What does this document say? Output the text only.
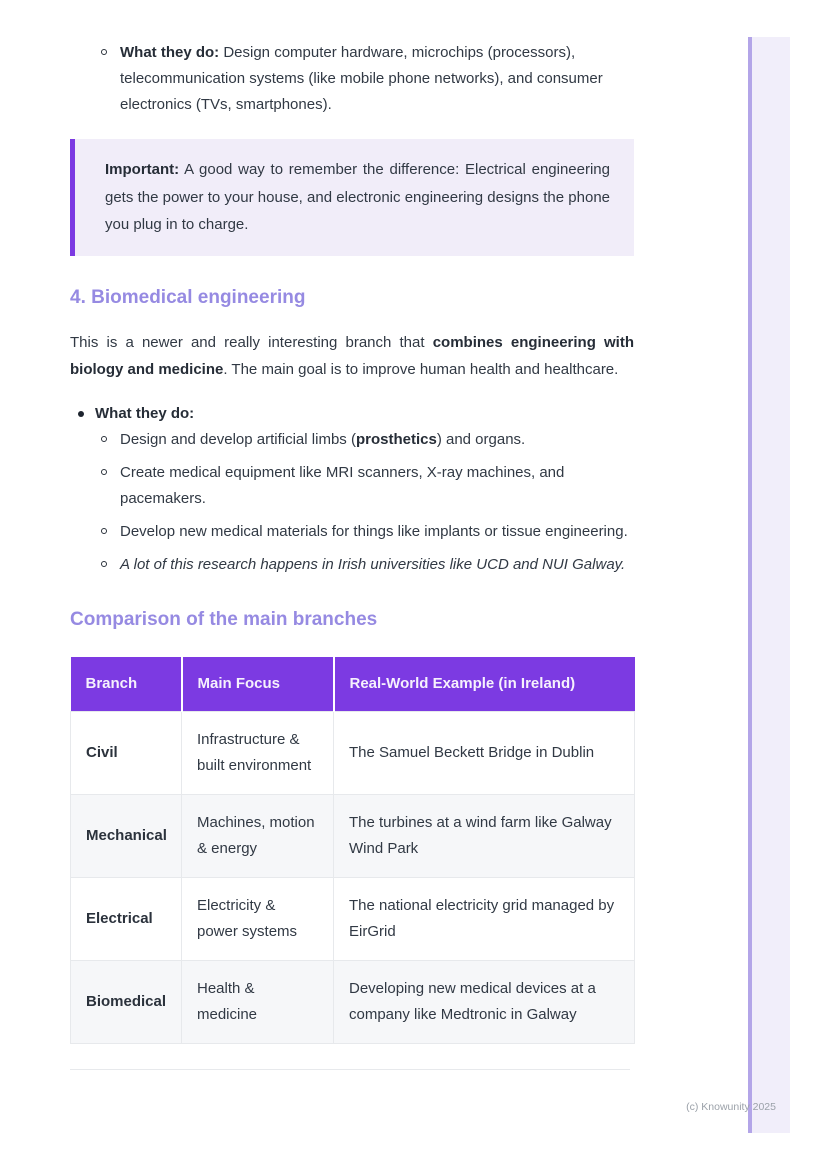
What they do: Design computer hardware, microchips (processors), telecommunication systems (like mobile phone networks), and consumer electronics (TVs, smartphones).
Important: A good way to remember the difference: Electrical engineering gets the power to your house, and electronic engineering designs the phone you plug in to charge.
4. Biomedical engineering

This is a newer and really interesting branch that combines engineering with biology and medicine. The main goal is to improve human health and healthcare.

What they do:
Design and develop artificial limbs (prosthetics) and organs.
Create medical equipment like MRI scanners, X-ray machines, and pacemakers.
Develop new medical materials for things like implants or tissue engineering.
A lot of this research happens in Irish universities like UCD and NUI Galway.
Comparison of the main branches
Branch	Main Focus	Real-World Example (in Ireland)
Civil	Infrastructure & built environment	The Samuel Beckett Bridge in Dublin
Mechanical	Machines, motion & energy	The turbines at a wind farm like Galway Wind Park
Electrical	Electricity & power systems	The national electricity grid managed by EirGrid
Biomedical	Health & medicine	Developing new medical devices at a company like Medtronic in Galway
(c) Knowunity 2025
